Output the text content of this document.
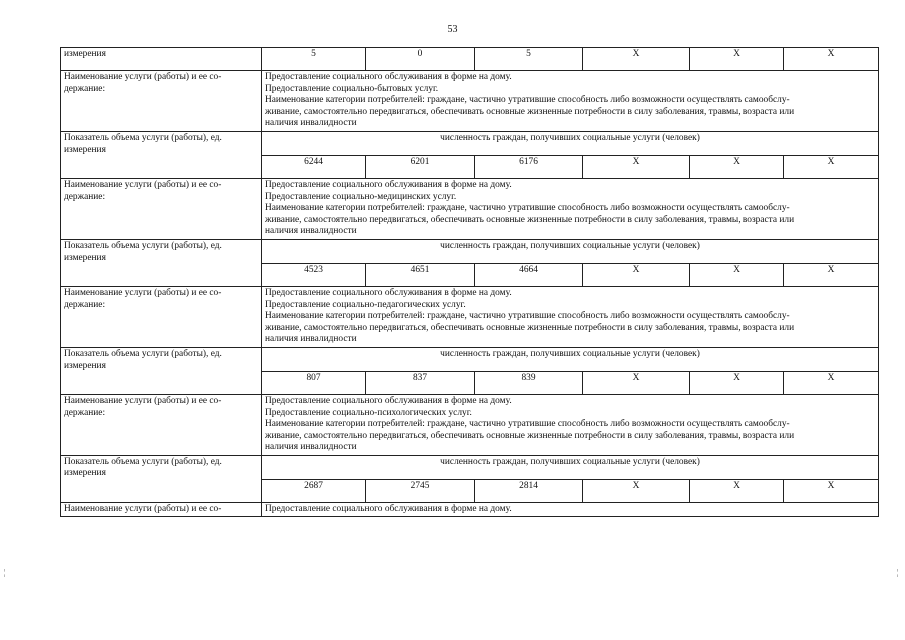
53
измерения	5	0	5	X	X	X
Наименование услуги (работы) и ее со-держание:	Предоставление социального обслуживания в форме на дому.
Предоставление социально-бытовых услуг.
Наименование категории потребителей: граждане, частично утратившие способность либо возможности осуществлять самообслу-
живание, самостоятельно передвигаться, обеспечивать основные жизненные потребности в силу заболевания, травмы, возраста или
наличия инвалидности					

Показатель объема услуги (работы), ед. измерения	численность граждан, получивших социальные услуги (человек)					
	6244	6201	6176	X	X	X
Наименование услуги (работы) и ее со-держание:	Предоставление социального обслуживания в форме на дому.
Предоставление социально-медицинских услуг.
Наименование категории потребителей: граждане, частично утратившие способность либо возможности осуществлять самообслу-
живание, самостоятельно передвигаться, обеспечивать основные жизненные потребности в силу заболевания, травмы, возраста или
наличия инвалидности					

Показатель объема услуги (работы), ед. измерения	численность граждан, получивших социальные услуги (человек)					
	4523	4651	4664	X	X	X
Наименование услуги (работы) и ее со-держание:	Предоставление социального обслуживания в форме на дому.
Предоставление социально-педагогических услуг.
Наименование категории потребителей: граждане, частично утратившие способность либо возможности осуществлять самообслу-
живание, самостоятельно передвигаться, обеспечивать основные жизненные потребности в силу заболевания, травмы, возраста или
наличия инвалидности					

Показатель объема услуги (работы), ед. измерения	численность граждан, получивших социальные услуги (человек)					
	807	837	839	X	X	X
Наименование услуги (работы) и ее со-держание:	Предоставление социального обслуживания в форме на дому.
Предоставление социально-психологических услуг.
Наименование категории потребителей: граждане, частично утратившие способность либо возможности осуществлять самообслу-
живание, самостоятельно передвигаться, обеспечивать основные жизненные потребности в силу заболевания, травмы, возраста или
наличия инвалидности					

Показатель объема услуги (работы), ед. измерения	численность граждан, получивших социальные услуги (человек)					
	2687	2745	2814	X	X	X
Наименование услуги (работы) и ее со-	Предоставление социального обслуживания в форме на дому.					
¦	¦
